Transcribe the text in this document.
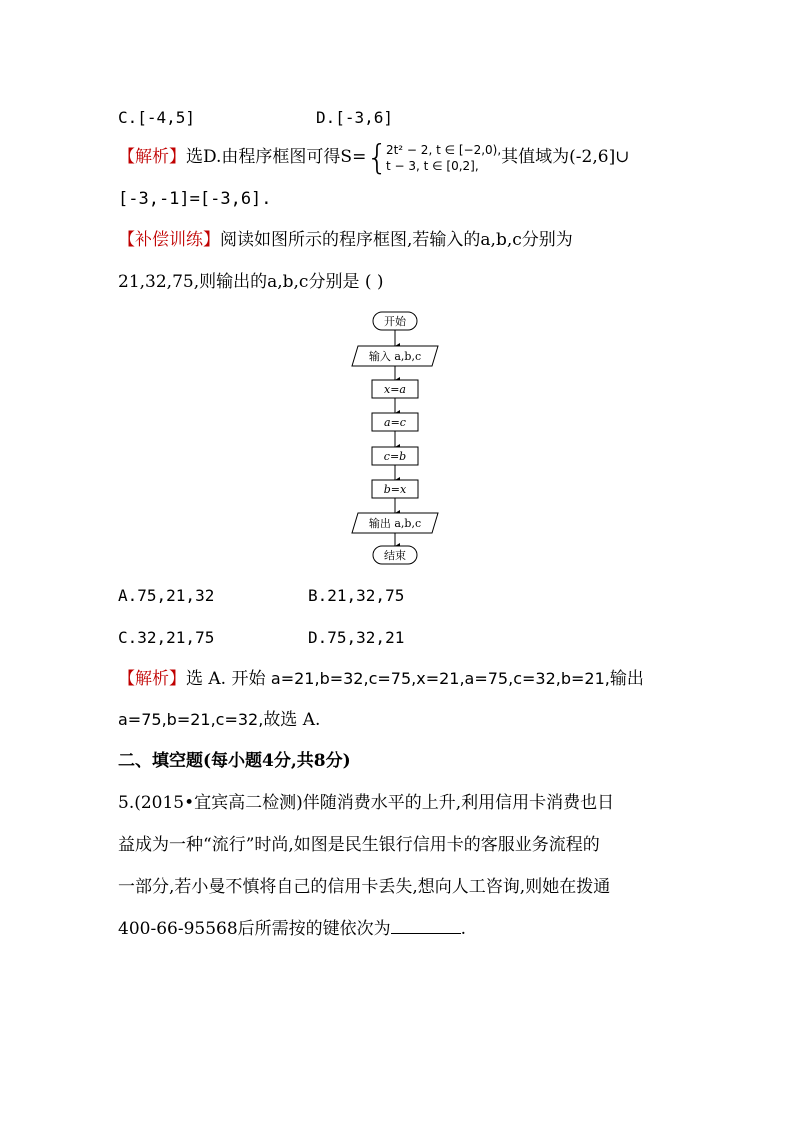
C.[-4,5]	D.[-3,6]
【解析】选D.由程序框图可得S={
2t² − 2, t ∈ [−2,0),
t − 3, t ∈ [0,2],	其值域为(-2,6]∪
[-3,-1]=[-3,6].
【补偿训练】阅读如图所示的程序框图,若输入的a,b,c分别为
21,32,75,则输出的a,b,c分别是 ( )
开始
输入 a,b,c
x=a
a=c
c=b
b=x
输出 a,b,c
结束
A.75,21,32	B.21,32,75
C.32,21,75	D.75,32,21
【解析】选 A. 开始 a=21,b=32,c=75,x=21,a=75,c=32,b=21,输出
a=75,b=21,c=32,故选 A.
二、填空题(每小题4分,共8分)
5.(2015•宜宾高二检测)伴随消费水平的上升,利用信用卡消费也日
益成为一种“流行”时尚,如图是民生银行信用卡的客服业务流程的
一部分,若小曼不慎将自己的信用卡丢失,想向人工咨询,则她在拨通
400-66-95568后所需按的键依次为	.
